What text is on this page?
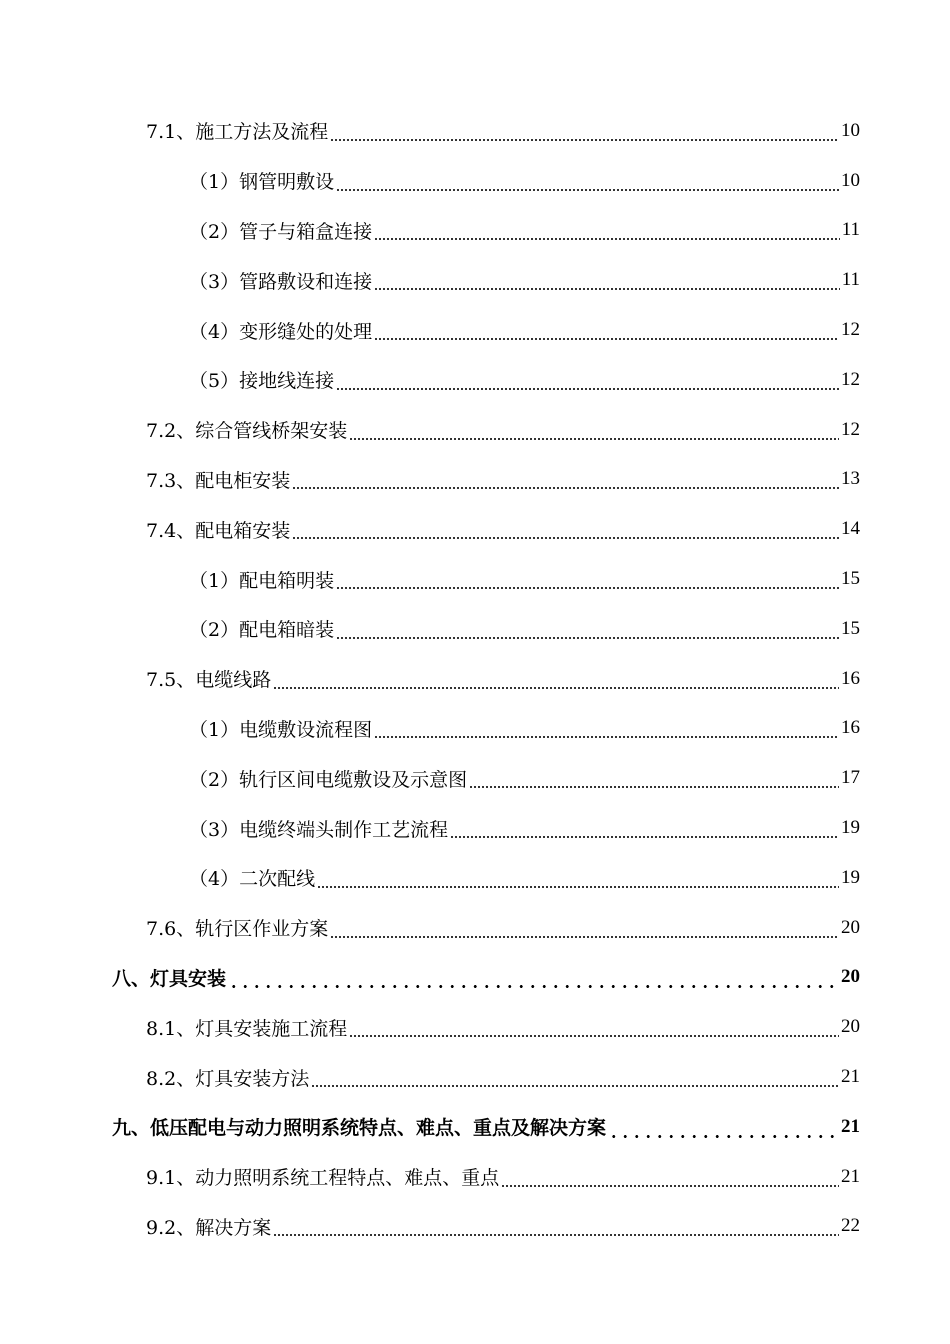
7.1、施工方法及流程	10
（1）钢管明敷设	10
（2）管子与箱盒连接	11
（3）管路敷设和连接	11
（4）变形缝处的处理	12
（5）接地线连接	12
7.2、综合管线桥架安装	12
7.3、配电柜安装	13
7.4、配电箱安装	14
（1）配电箱明装	15
（2）配电箱暗装	15
7.5、电缆线路	16
（1）电缆敷设流程图	16
（2）轨行区间电缆敷设及示意图	17
（3）电缆终端头制作工艺流程	19
（4）二次配线	19
7.6、轨行区作业方案	20
八、灯具安装	20
8.1、灯具安装施工流程	20
8.2、灯具安装方法	21
九、低压配电与动力照明系统特点、难点、重点及解决方案	21
9.1、动力照明系统工程特点、难点、重点	21
9.2、解决方案	22
